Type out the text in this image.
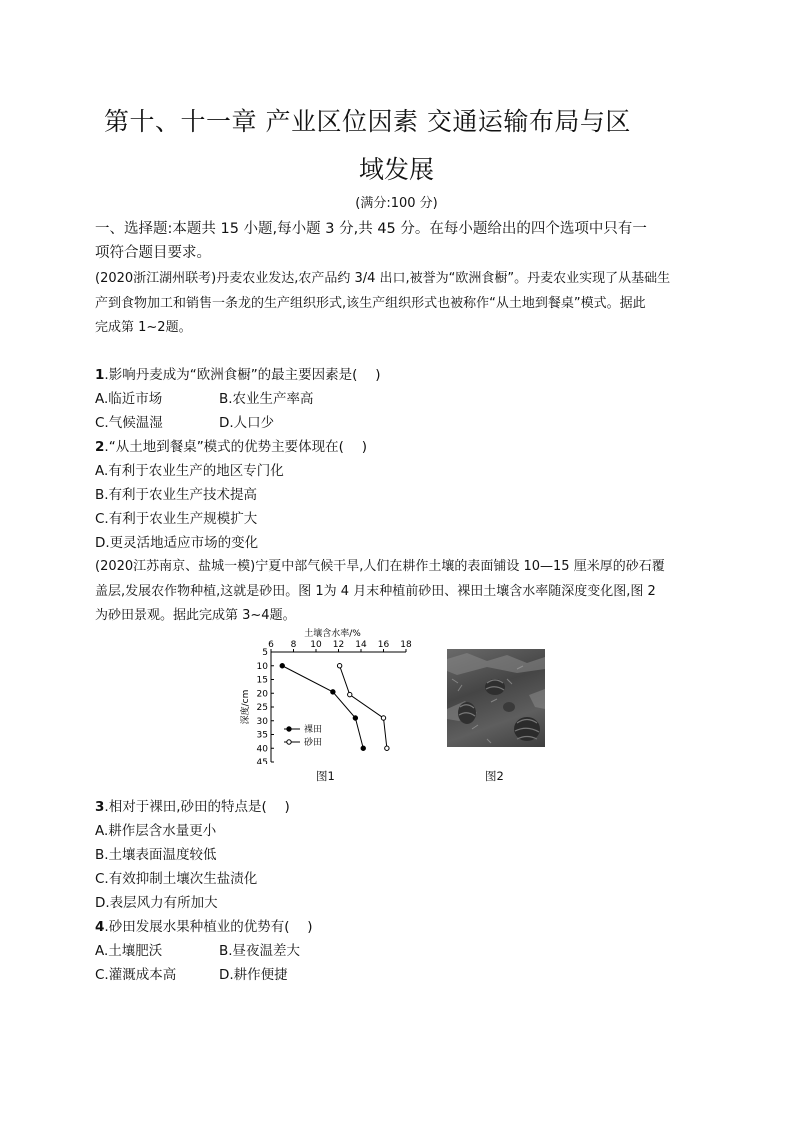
第十、十一章 产业区位因素 交通运输布局与区
域发展
(满分:100 分)
一、选择题:本题共 15 小题,每小题 3 分,共 45 分。在每小题给出的四个选项中只有一
项符合题目要求。
(2020浙江湖州联考)丹麦农业发达,农产品约 3/4 出口,被誉为“欧洲食橱”。丹麦农业实现了从基础生
产到食物加工和销售一条龙的生产组织形式,该生产组织形式也被称作“从土地到餐桌”模式。据此
完成第 1~2题。
1.影响丹麦成为“欧洲食橱”的最主要因素是(　 )
A.临近市场	B.农业生产率高
C.气候温湿	D.人口少
2.“从土地到餐桌”模式的优势主要体现在(　 )
A.有利于农业生产的地区专门化
B.有利于农业生产技术提高
C.有利于农业生产规模扩大
D.更灵活地适应市场的变化
(2020江苏南京、盐城一模)宁夏中部气候干旱,人们在耕作土壤的表面铺设 10—15 厘米厚的砂石覆
盖层,发展农作物种植,这就是砂田。图 1为 4 月末种植前砂田、裸田土壤含水率随深度变化图,图 2
为砂田景观。据此完成第 3~4题。
6 8 10 12 14 16 18
土壤含水率/%
5
10
15
20
25
30
35
40
45
深度/cm
裸田
砂田
图1	图2
3.相对于裸田,砂田的特点是(　 )
A.耕作层含水量更小
B.土壤表面温度较低
C.有效抑制土壤次生盐渍化
D.表层风力有所加大
4.砂田发展水果种植业的优势有(　 )
A.土壤肥沃	B.昼夜温差大
C.灌溉成本高	D.耕作便捷
